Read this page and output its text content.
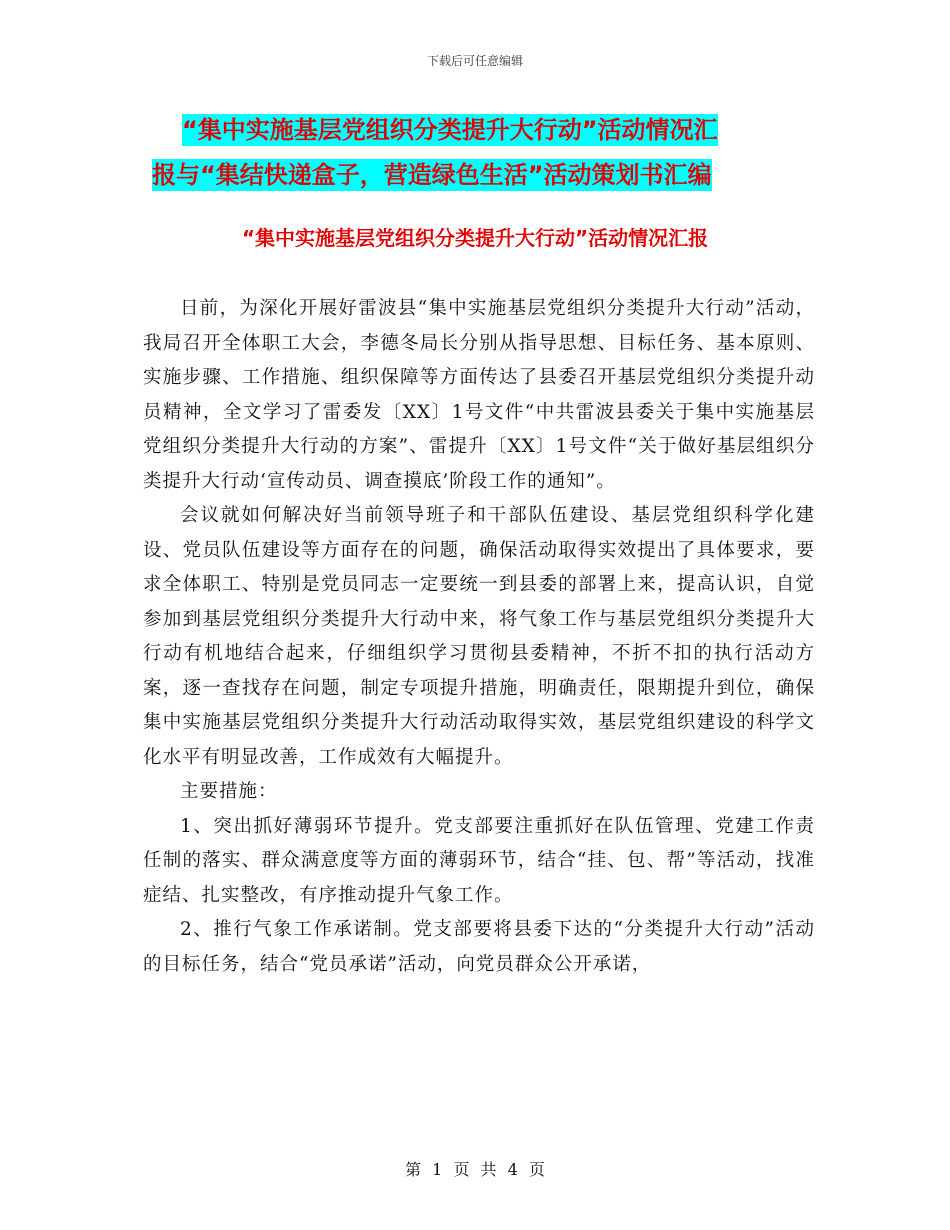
下载后可任意编辑
“集中实施基层党组织分类提升大行动”活动情况汇
报与“集结快递盒子，营造绿色生活”活动策划书汇编
“集中实施基层党组织分类提升大行动”活动情况汇报

日前，为深化开展好雷波县“集中实施基层党组织分类提升大行动”活动，我局召开全体职工大会，李德冬局长分别从指导思想、目标任务、基本原则、实施步骤、工作措施、组织保障等方面传达了县委召开基层党组织分类提升动员精神，全文学习了雷委发〔XX〕1号文件“中共雷波县委关于集中实施基层党组织分类提升大行动的方案”、雷提升〔XX〕1号文件“关于做好基层组织分类提升大行动‘宣传动员、调查摸底’阶段工作的通知”。

会议就如何解决好当前领导班子和干部队伍建设、基层党组织科学化建设、党员队伍建设等方面存在的问题，确保活动取得实效提出了具体要求，要求全体职工、特别是党员同志一定要统一到县委的部署上来，提高认识，自觉参加到基层党组织分类提升大行动中来，将气象工作与基层党组织分类提升大行动有机地结合起来，仔细组织学习贯彻县委精神，不折不扣的执行活动方案，逐一查找存在问题，制定专项提升措施，明确责任，限期提升到位，确保集中实施基层党组织分类提升大行动活动取得实效，基层党组织建设的科学文化水平有明显改善，工作成效有大幅提升。

主要措施：

1、突出抓好薄弱环节提升。党支部要注重抓好在队伍管理、党建工作责任制的落实、群众满意度等方面的薄弱环节，结合“挂、包、帮”等活动，找准症结、扎实整改，有序推动提升气象工作。

2、推行气象工作承诺制。党支部要将县委下达的“分类提升大行动”活动的目标任务，结合“党员承诺”活动，向党员群众公开承诺，

第 1 页 共 4 页
